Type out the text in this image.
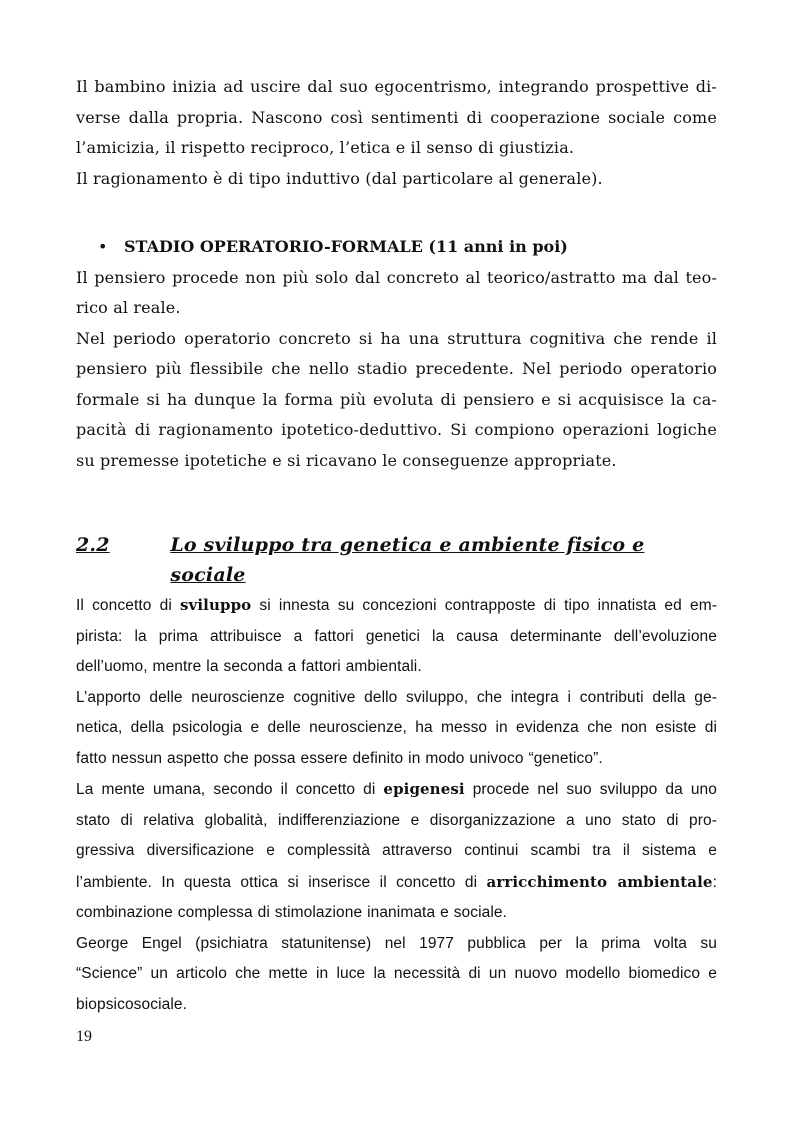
Il bambino inizia ad uscire dal suo egocentrismo, integrando prospettive di-
verse dalla propria. Nascono così sentimenti di cooperazione sociale come
l’amicizia, il rispetto reciproco, l’etica e il senso di giustizia.
Il ragionamento è di tipo induttivo (dal particolare al generale).

•	STADIO OPERATORIO-FORMALE (11 anni in poi)

Il pensiero procede non più solo dal concreto al teorico/astratto ma dal teo-
rico al reale.
Nel periodo operatorio concreto si ha una struttura cognitiva che rende il
pensiero più flessibile che nello stadio precedente. Nel periodo operatorio
formale si ha dunque la forma più evoluta di pensiero e si acquisisce la ca-
pacità di ragionamento ipotetico-deduttivo. Si compiono operazioni logiche
su premesse ipotetiche e si ricavano le conseguenze appropriate.

2.2	Lo sviluppo tra genetica e ambiente fisico e sociale

Il concetto di sviluppo si innesta su concezioni contrapposte di tipo innatista ed em-
pirista: la prima attribuisce a fattori genetici la causa determinante dell’evoluzione
dell’uomo, mentre la seconda a fattori ambientali.
L’apporto delle neuroscienze cognitive dello sviluppo, che integra i contributi della ge-
netica, della psicologia e delle neuroscienze, ha messo in evidenza che non esiste di
fatto nessun aspetto che possa essere definito in modo univoco “genetico”.
La mente umana, secondo il concetto di epigenesi procede nel suo sviluppo da uno
stato di relativa globalità, indifferenziazione e disorganizzazione a uno stato di pro-
gressiva diversificazione e complessità attraverso continui scambi tra il sistema e
l’ambiente. In questa ottica si inserisce il concetto di arricchimento ambientale:
combinazione complessa di stimolazione inanimata e sociale.
George Engel (psichiatra statunitense) nel 1977 pubblica per la prima volta su
“Science” un articolo che mette in luce la necessità di un nuovo modello biomedico e
biopsicosociale.

19
